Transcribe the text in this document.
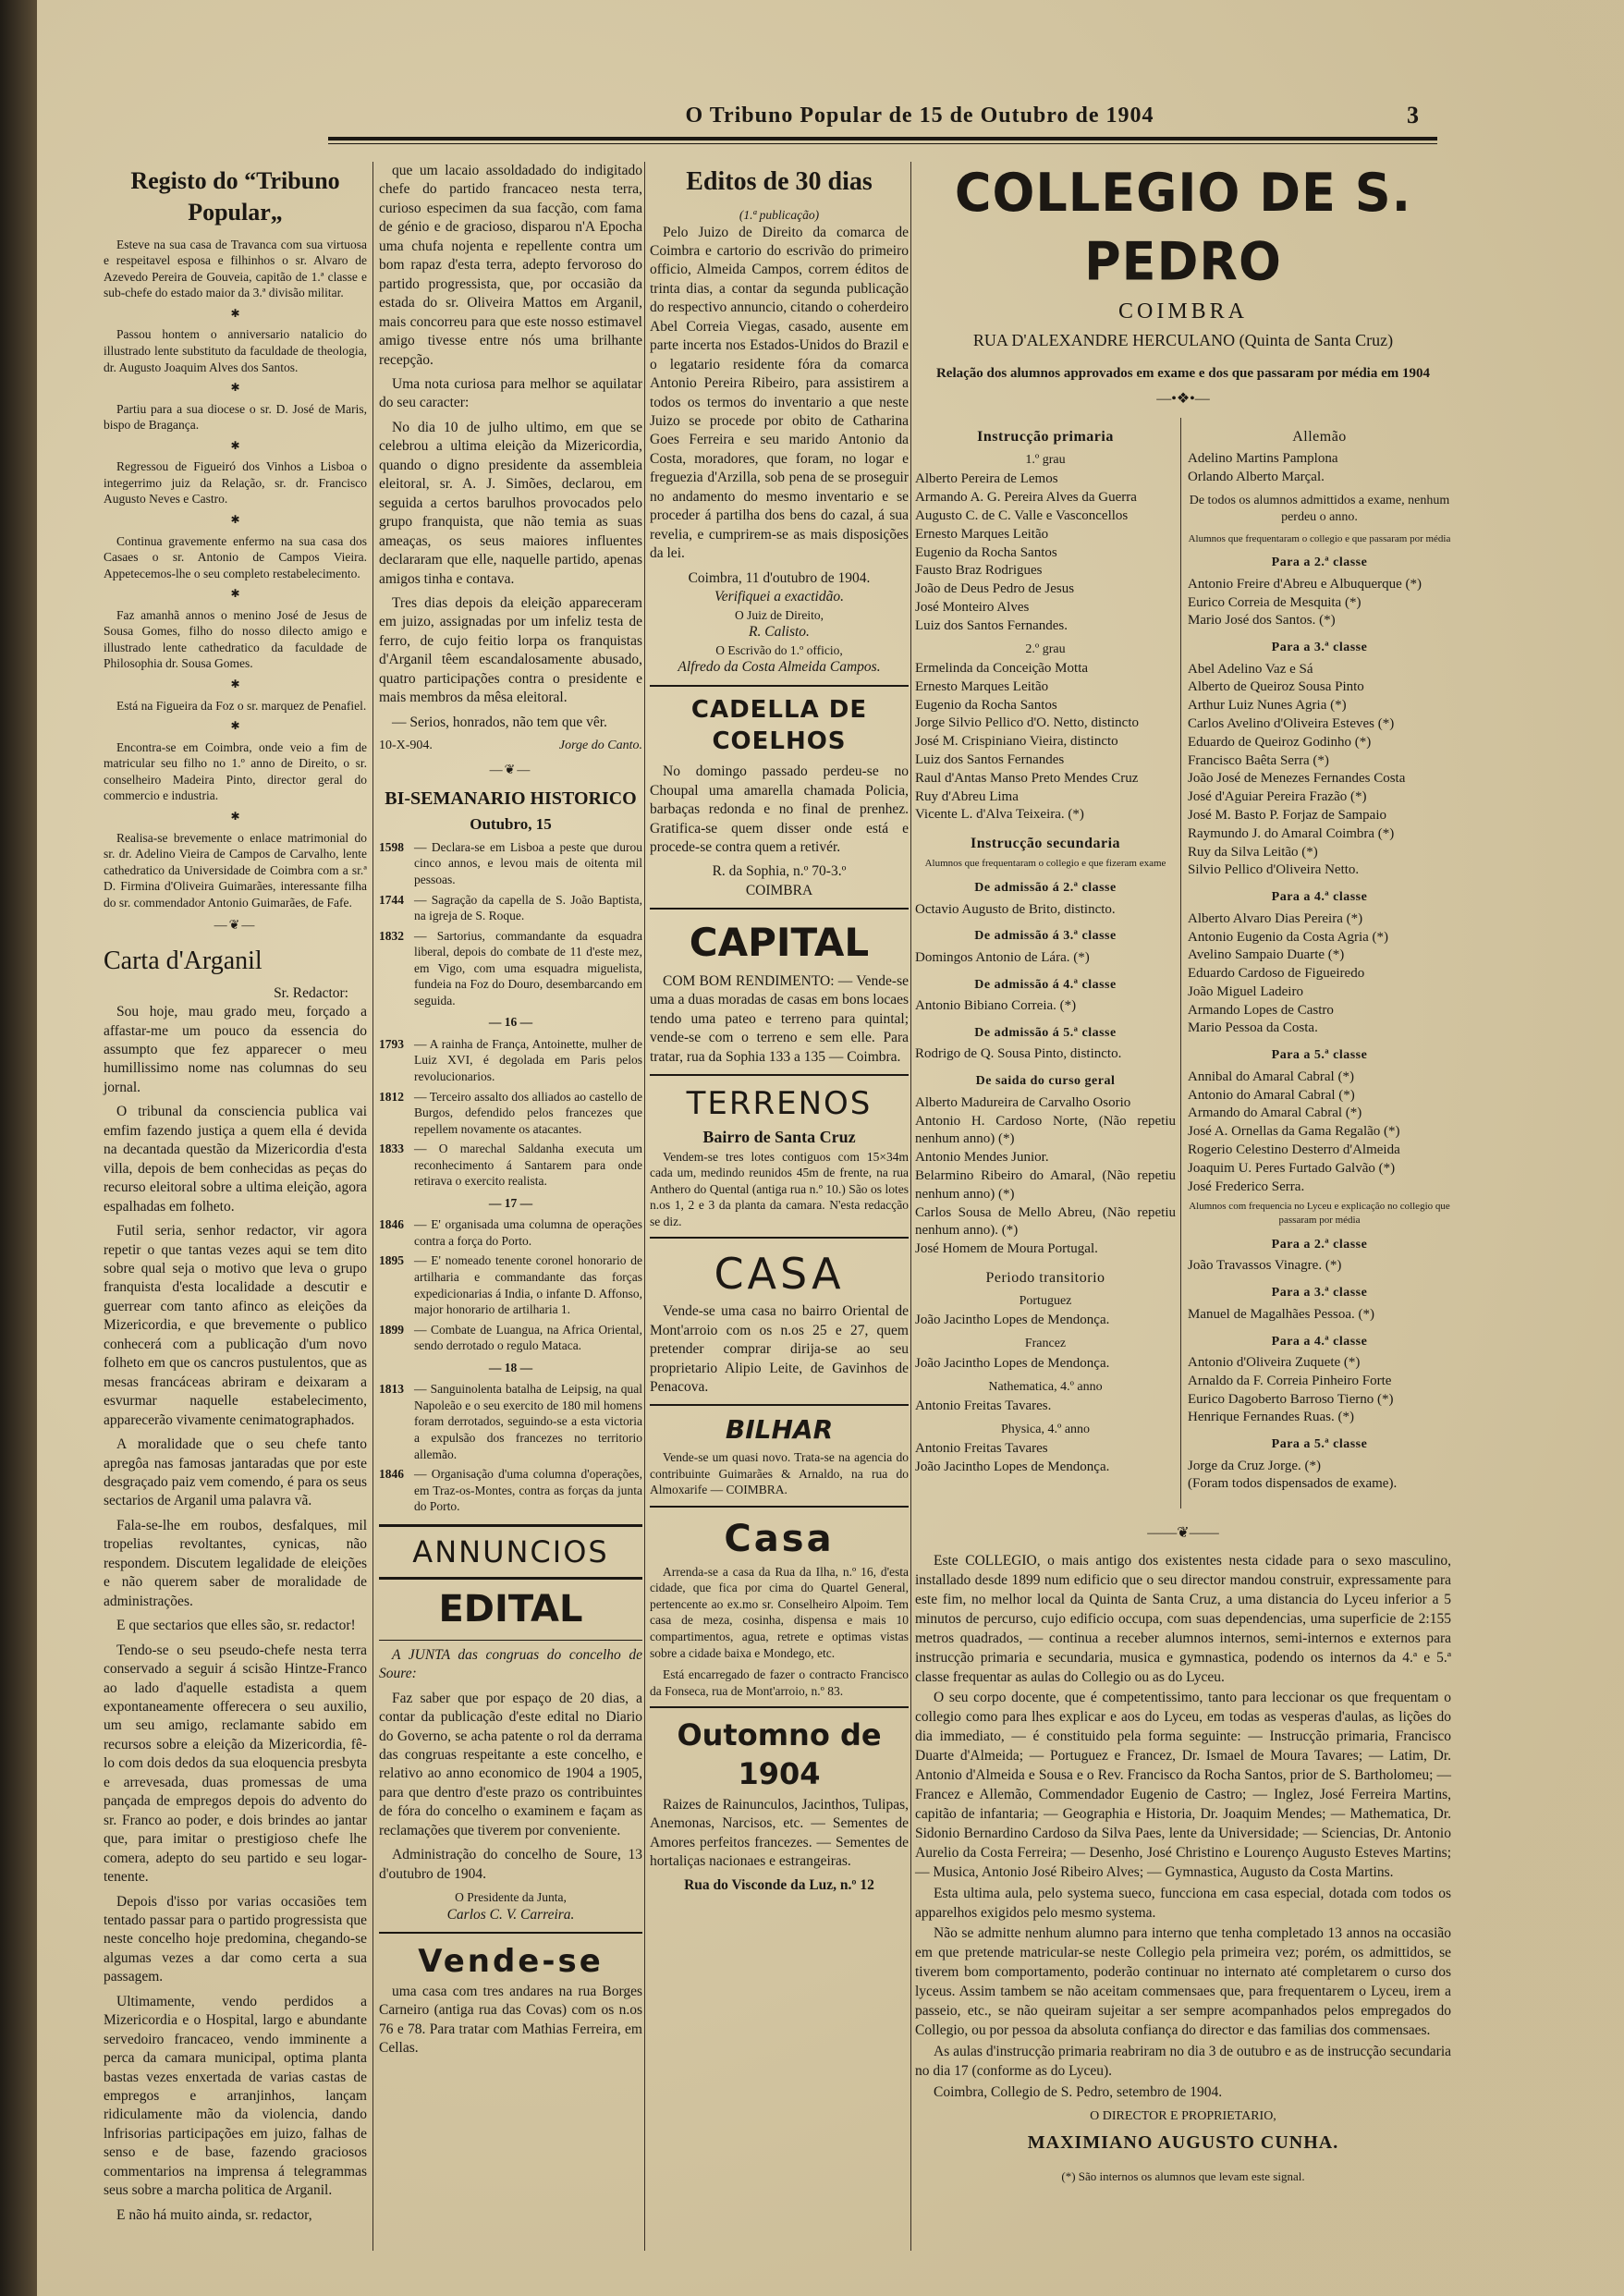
O Tribuno Popular de 15 de Outubro de 1904	3
Registo do “Tribuno Popular„

Esteve na sua casa de Travanca com sua virtuosa e respeitavel esposa e filhinhos o sr. Alvaro de Azevedo Pereira de Gouveia, capitão de 1.ª classe e sub-chefe do estado maior da 3.ª divisão militar.

✱

Passou hontem o anniversario natalicio do illustrado lente substituto da faculdade de theologia, dr. Augusto Joaquim Alves dos Santos.

✱

Partiu para a sua diocese o sr. D. José de Maris, bispo de Bragança.

✱

Regressou de Figueiró dos Vinhos a Lisboa o integerrimo juiz da Relação, sr. dr. Francisco Augusto Neves e Castro.

✱

Continua gravemente enfermo na sua casa dos Casaes o sr. Antonio de Campos Vieira. Appetecemos-lhe o seu completo restabelecimento.

✱

Faz amanhã annos o menino José de Jesus de Sousa Gomes, filho do nosso dilecto amigo e illustrado lente cathedratico da faculdade de Philosophia dr. Sousa Gomes.

✱

Está na Figueira da Foz o sr. marquez de Penafiel.

✱

Encontra-se em Coimbra, onde veio a fim de matricular seu filho no 1.º anno de Direito, o sr. conselheiro Madeira Pinto, director geral do commercio e industria.

✱

Realisa-se brevemente o enlace matrimonial do sr. dr. Adelino Vieira de Campos de Carvalho, lente cathedratico da Universidade de Coimbra com a sr.ª D. Firmina d'Oliveira Guimarães, interessante filha do sr. commendador Antonio Guimarães, de Fafe.

—❦—
Carta d'Arganil
Sr. Redactor:

Sou hoje, mau grado meu, forçado a affastar-me um pouco da essencia do assumpto que fez apparecer o meu humillissimo nome nas columnas do seu jornal.

O tribunal da consciencia publica vai emfim fazendo justiça a quem ella é devida na decantada questão da Mizericordia d'esta villa, depois de bem conhecidas as peças do recurso eleitoral sobre a ultima eleição, agora espalhadas em folheto.

Futil seria, senhor redactor, vir agora repetir o que tantas vezes aqui se tem dito sobre qual seja o motivo que leva o grupo franquista d'esta localidade a descutir e guerrear com tanto afinco as eleições da Mizericordia, e que brevemente o publico conhecerá com a publicação d'um novo folheto em que os cancros pustulentos, que as mesas francáceas abriram e deixaram a esvurmar naquelle estabelecimento, apparecerão vivamente cenimatographados.

A moralidade que o seu chefe tanto apregôa nas famosas jantaradas que por este desgraçado paiz vem comendo, é para os seus sectarios de Arganil uma palavra vã.

Fala-se-lhe em roubos, desfalques, mil tropelias revoltantes, cynicas, não respondem. Discutem legalidade de eleições e não querem saber de moralidade de administrações.

E que sectarios que elles são, sr. redactor!

Tendo-se o seu pseudo-chefe nesta terra conservado a seguir á scisão Hintze-Franco ao lado d'aquelle estadista a quem expontaneamente offerecera o seu auxilio, um seu amigo, reclamante sabido em recursos sobre a eleição da Mizericordia, fê-lo com dois dedos da sua eloquencia presbyta e arrevesada, duas promessas de uma pançada de empregos depois do advento do sr. Franco ao poder, e dois brindes ao jantar que, para imitar o prestigioso chefe lhe comera, adepto do seu partido e seu logar-tenente.

Depois d'isso por varias occasiões tem tentado passar para o partido progressista que neste concelho hoje predomina, chegando-se algumas vezes a dar como certa a sua passagem.

Ultimamente, vendo perdidos a Mizericordia e o Hospital, largo e abundante servedoiro francaceo, vendo imminente a perca da camara municipal, optima planta bastas vezes enxertada de varias castas de empregos e arranjinhos, lançam ridiculamente mão da violencia, dando lnfrisorias participações em juizo, falhas de senso e de base, fazendo graciosos commentarios na imprensa á telegrammas seus sobre a marcha politica de Arganil.

E não há muito ainda, sr. redactor,

que um lacaio assoldadado do indigitado chefe do partido francaceo nesta terra, curioso especimen da sua facção, com fama de génio e de gracioso, disparou n'A Epocha uma chufa nojenta e repellente contra um bom rapaz d'esta terra, adepto fervoroso do partido progressista, que, por occasião da estada do sr. Oliveira Mattos em Arganil, mais concorreu para que este nosso estimavel amigo tivesse entre nós uma brilhante recepção.

Uma nota curiosa para melhor se aquilatar do seu caracter:

No dia 10 de julho ultimo, em que se celebrou a ultima eleição da Mizericordia, quando o digno presidente da assembleia eleitoral, sr. A. J. Simões, declarou, em seguida a certos barulhos provocados pelo grupo franquista, que não temia as suas ameaças, os seus maiores influentes declararam que elle, naquelle partido, apenas amigos tinha e contava.

Tres dias depois da eleição appareceram em juizo, assignadas por um infeliz testa de ferro, de cujo feitio lorpa os franquistas d'Arganil têem escandalosamente abusado, quatro participações contra o presidente e mais membros da mêsa eleitoral.

— Serios, honrados, não tem que vêr.

10-X-904.	Jorge do Canto.
—❦—
BI-SEMANARIO HISTORICO
Outubro, 15
1598 — Declara-se em Lisboa a peste que durou cinco annos, e levou mais de oitenta mil pessoas.
1744 — Sagração da capella de S. João Baptista, na igreja de S. Roque.
1832 — Sartorius, commandante da esquadra liberal, depois do combate de 11 d'este mez, em Vigo, com uma esquadra miguelista, fundeia na Foz do Douro, desembarcando em seguida.
— 16 —
1793 — A rainha de França, Antoinette, mulher de Luiz XVI, é degolada em Paris pelos revolucionarios.
1812 — Terceiro assalto dos alliados ao castello de Burgos, defendido pelos francezes que repellem novamente os atacantes.
1833 — O marechal Saldanha executa um reconhecimento á Santarem para onde retirava o exercito realista.
— 17 —
1846 — E' organisada uma columna de operações contra a força do Porto.
1895 — E' nomeado tenente coronel honorario de artilharia e commandante das forças expedicionarias á India, o infante D. Affonso, major honorario de artilharia 1.
1899 — Combate de Luangua, na Africa Oriental, sendo derrotado o regulo Mataca.
— 18 —
1813 — Sanguinolenta batalha de Leipsig, na qual Napoleão e o seu exercito de 180 mil homens foram derrotados, seguindo-se a esta victoria a expulsão dos francezes no territorio allemão.
1846 — Organisação d'uma columna d'operações, em Traz-os-Montes, contra as forças da junta do Porto.
ANNUNCIOS
EDITAL

A JUNTA das congruas do concelho de Soure:

Faz saber que por espaço de 20 dias, a contar da publicação d'este edital no Diario do Governo, se acha patente o rol da derrama das congruas respeitante a este concelho, e relativo ao anno economico de 1904 a 1905, para que dentro d'este prazo os contribuintes de fóra do concelho o examinem e façam as reclamações que tiverem por conveniente.

Administração do concelho de Soure, 13 d'outubro de 1904.

O Presidente da Junta,
Carlos C. V. Carreira.
Vende-se

uma casa com tres andares na rua Borges Carneiro (antiga rua das Covas) com os n.os 76 e 78. Para tratar com Mathias Ferreira, em Cellas.

Editos de 30 dias
(1.ª publicação)

Pelo Juizo de Direito da comarca de Coimbra e cartorio do escrivão do primeiro officio, Almeida Campos, correm éditos de trinta dias, a contar da segunda publicação do respectivo annuncio, citando o coherdeiro Abel Correia Viegas, casado, ausente em parte incerta nos Estados-Unidos do Brazil e o legatario residente fóra da comarca Antonio Pereira Ribeiro, para assistirem a todos os termos do inventario a que neste Juizo se procede por obito de Catharina Goes Ferreira e seu marido Antonio da Costa, moradores, que foram, no logar e freguezia d'Arzilla, sob pena de se proseguir no andamento do mesmo inventario e se proceder á partilha dos bens do cazal, á sua revelia, e cumprirem-se as mais disposições da lei.

Coimbra, 11 d'outubro de 1904.
Verifiquei a exactidão.
O Juiz de Direito,
R. Calisto.
O Escrivão do 1.º officio,
Alfredo da Costa Almeida Campos.
CADELLA DE COELHOS

No domingo passado perdeu-se no Choupal uma amarella chamada Policia, barbaças redonda e no final de prenhez. Gratifica-se quem disser onde está e procede-se contra quem a retivér.

R. da Sophia, n.º 70-3.º
COIMBRA
CAPITAL

COM BOM RENDIMENTO: — Vende-se uma a duas moradas de casas em bons locaes tendo uma pateo e terreno para quintal; vende-se com o terreno e sem elle. Para tratar, rua da Sophia 133 a 135 — Coimbra.

TERRENOS
Bairro de Santa Cruz

Vendem-se tres lotes contiguos com 15×34m cada um, medindo reunidos 45m de frente, na rua Anthero do Quental (antiga rua n.º 10.) São os lotes n.os 1, 2 e 3 da planta da camara. N'esta redacção se diz.

CASA

Vende-se uma casa no bairro Oriental de Mont'arroio com os n.os 25 e 27, quem pretender comprar dirija-se ao seu proprietario Alipio Leite, de Gavinhos de Penacova.

BILHAR

Vende-se um quasi novo. Trata-se na agencia do contribuinte Guimarães & Arnaldo, na rua do Almoxarife — COIMBRA.

Casa

Arrenda-se a casa da Rua da Ilha, n.º 16, d'esta cidade, que fica por cima do Quartel General, pertencente ao ex.mo sr. Conselheiro Alpoim. Tem casa de meza, cosinha, dispensa e mais 10 compartimentos, agua, retrete e optimas vistas sobre a cidade baixa e Mondego, etc.

Está encarregado de fazer o contracto Francisco da Fonseca, rua de Mont'arroio, n.º 83.

Outomno de 1904

Raizes de Rainunculos, Jacinthos, Tulipas, Anemonas, Narcisos, etc. — Sementes de Amores perfeitos francezes. — Sementes de hortaliças nacionaes e estrangeiras.

Rua do Visconde da Luz, n.º 12
COLLEGIO DE S. PEDRO
COIMBRA
RUA D'ALEXANDRE HERCULANO (Quinta de Santa Cruz)
Relação dos alumnos approvados em exame e dos que passaram por média em 1904
—•❖•—
Instrucção primaria
1.º grau
Alberto Pereira de Lemos
Armando A. G. Pereira Alves da Guerra
Augusto C. de C. Valle e Vasconcellos
Ernesto Marques Leitão
Eugenio da Rocha Santos
Fausto Braz Rodrigues
João de Deus Pedro de Jesus
José Monteiro Alves
Luiz dos Santos Fernandes.
2.º grau
Ermelinda da Conceição Motta
Ernesto Marques Leitão
Eugenio da Rocha Santos
Jorge Silvio Pellico d'O. Netto, distincto
José M. Crispiniano Vieira, distincto
Luiz dos Santos Fernandes
Raul d'Antas Manso Preto Mendes Cruz
Ruy d'Abreu Lima
Vicente L. d'Alva Teixeira. (*)
Instrucção secundaria
Alumnos que frequentaram o collegio e que fizeram exame
De admissão á 2.ª classe
Octavio Augusto de Brito, distincto.
De admissão á 3.ª classe
Domingos Antonio de Lára. (*)
De admissão á 4.ª classe
Antonio Bibiano Correia. (*)
De admissão á 5.ª classe
Rodrigo de Q. Sousa Pinto, distincto.
De saida do curso geral
Alberto Madureira de Carvalho Osorio
Antonio H. Cardoso Norte, (Não repetiu nenhum anno) (*)
Antonio Mendes Junior.
Belarmino Ribeiro do Amaral, (Não repetiu nenhum anno) (*)
Carlos Sousa de Mello Abreu, (Não repetiu nenhum anno). (*)
José Homem de Moura Portugal.
Periodo transitorio
Portuguez
João Jacintho Lopes de Mendonça.
Francez
João Jacintho Lopes de Mendonça.
Nathematica, 4.º anno
Antonio Freitas Tavares.
Physica, 4.º anno
Antonio Freitas Tavares
João Jacintho Lopes de Mendonça.
Allemão
Adelino Martins Pamplona
Orlando Alberto Marçal.
De todos os alumnos admittidos a exame, nenhum perdeu o anno.
Alumnos que frequentaram o collegio e que passaram por média
Para a 2.ª classe
Antonio Freire d'Abreu e Albuquerque (*)
Eurico Correia de Mesquita (*)
Mario José dos Santos. (*)
Para a 3.ª classe
Abel Adelino Vaz e Sá
Alberto de Queiroz Sousa Pinto
Arthur Luiz Nunes Agria (*)
Carlos Avelino d'Oliveira Esteves (*)
Eduardo de Queiroz Godinho (*)
Francisco Baêta Serra (*)
João José de Menezes Fernandes Costa
José d'Aguiar Pereira Frazão (*)
José M. Basto P. Forjaz de Sampaio
Raymundo J. do Amaral Coimbra (*)
Ruy da Silva Leitão (*)
Silvio Pellico d'Oliveira Netto.
Para a 4.ª classe
Alberto Alvaro Dias Pereira (*)
Antonio Eugenio da Costa Agria (*)
Avelino Sampaio Duarte (*)
Eduardo Cardoso de Figueiredo
João Miguel Ladeiro
Armando Lopes de Castro
Mario Pessoa da Costa.
Para a 5.ª classe
Annibal do Amaral Cabral (*)
Antonio do Amaral Cabral (*)
Armando do Amaral Cabral (*)
José A. Ornellas da Gama Regalão (*)
Rogerio Celestino Desterro d'Almeida
Joaquim U. Peres Furtado Galvão (*)
José Frederico Serra.
Alumnos com frequencia no Lyceu e explicação no collegio que passaram por média
Para a 2.ª classe
João Travassos Vinagre. (*)
Para a 3.ª classe
Manuel de Magalhães Pessoa. (*)
Para a 4.ª classe
Antonio d'Oliveira Zuquete (*)
Arnaldo da F. Correia Pinheiro Forte
Eurico Dagoberto Barroso Tierno (*)
Henrique Fernandes Ruas. (*)
Para a 5.ª classe
Jorge da Cruz Jorge. (*)
(Foram todos dispensados de exame).
——❦——

Este COLLEGIO, o mais antigo dos existentes nesta cidade para o sexo masculino, installado desde 1899 num edificio que o seu director mandou construir, expressamente para este fim, no melhor local da Quinta de Santa Cruz, a uma distancia do Lyceu inferior a 5 minutos de percurso, cujo edificio occupa, com suas dependencias, uma superficie de 2:155 metros quadrados, — continua a receber alumnos internos, semi-internos e externos para instrucção primaria e secundaria, musica e gymnastica, podendo os internos da 4.ª e 5.ª classe frequentar as aulas do Collegio ou as do Lyceu.

O seu corpo docente, que é competentissimo, tanto para leccionar os que frequentam o collegio como para lhes explicar e aos do Lyceu, em todas as vesperas d'aulas, as lições do dia immediato, — é constituido pela forma seguinte: — Instrucção primaria, Francisco Duarte d'Almeida; — Portuguez e Francez, Dr. Ismael de Moura Tavares; — Latim, Dr. Antonio d'Almeida e Sousa e o Rev. Francisco da Rocha Santos, prior de S. Bartholomeu; — Francez e Allemão, Commendador Eugenio de Castro; — Inglez, José Ferreira Martins, capitão de infantaria; — Geographia e Historia, Dr. Joaquim Mendes; — Mathematica, Dr. Sidonio Bernardino Cardoso da Silva Paes, lente da Universidade; — Sciencias, Dr. Antonio Aurelio da Costa Ferreira; — Desenho, José Christino e Lourenço Augusto Esteves Martins; — Musica, Antonio José Ribeiro Alves; — Gymnastica, Augusto da Costa Martins.

Esta ultima aula, pelo systema sueco, funcciona em casa especial, dotada com todos os apparelhos exigidos pelo mesmo systema.

Não se admitte nenhum alumno para interno que tenha completado 13 annos na occasião em que pretende matricular-se neste Collegio pela primeira vez; porém, os admittidos, se tiverem bom comportamento, poderão continuar no internato até completarem o curso dos lyceus. Assim tambem se não aceitam commensaes que, para frequentarem o Lyceu, irem a passeio, etc., se não queiram sujeitar a ser sempre acompanhados pelos empregados do Collegio, ou por pessoa da absoluta confiança do director e das familias dos commensaes.

As aulas d'instrucção primaria reabriram no dia 3 de outubro e as de instrucção secundaria no dia 17 (conforme as do Lyceu).

Coimbra, Collegio de S. Pedro, setembro de 1904.

O DIRECTOR E PROPRIETARIO,
MAXIMIANO AUGUSTO CUNHA.
(*) São internos os alumnos que levam este signal.
